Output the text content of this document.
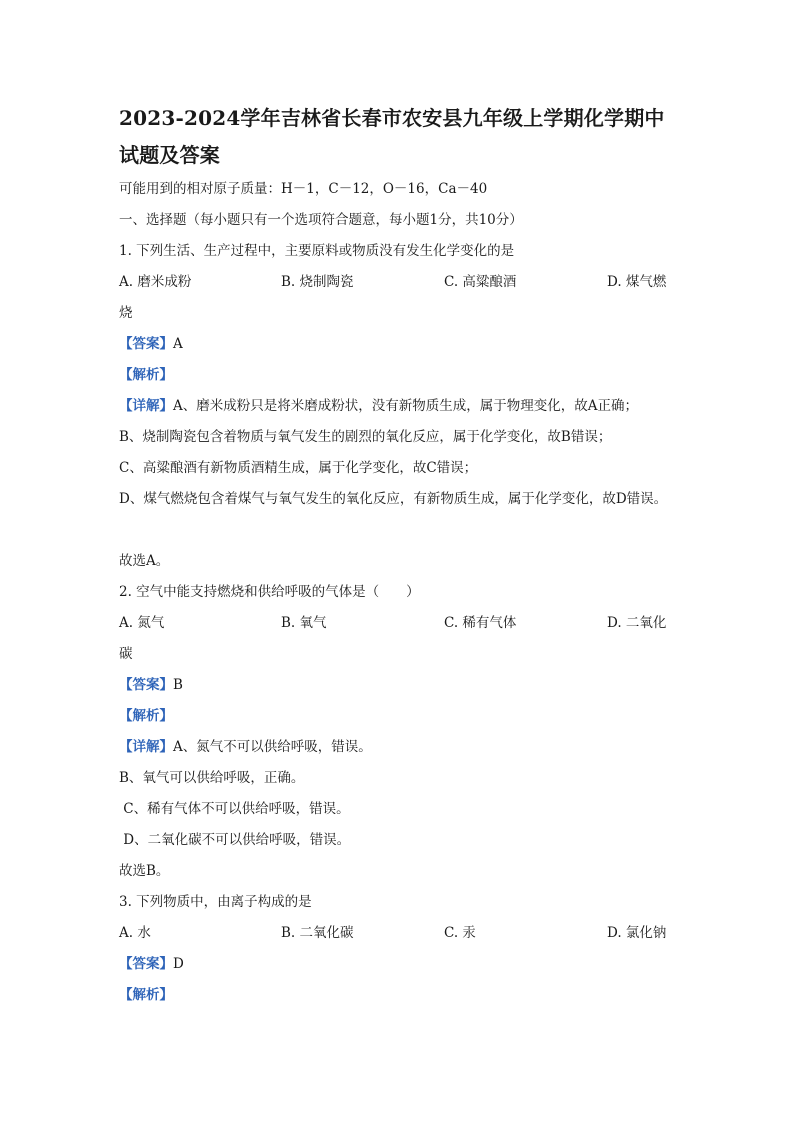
2023-2024学年吉林省长春市农安县九年级上学期化学期中
试题及答案
可能用到的相对原子质量：H－1，C－12，O－16，Ca－40
一、选择题（每小题只有一个选项符合题意，每小题1分，共10分）
1. 下列生活、生产过程中，主要原料或物质没有发生化学变化的是
A. 磨米成粉	B. 烧制陶瓷	C. 高粱酿酒	D. 煤气燃
烧
【答案】A
【解析】
【详解】A、磨米成粉只是将米磨成粉状，没有新物质生成，属于物理变化，故A正确；
B、烧制陶瓷包含着物质与氧气发生的剧烈的氧化反应，属于化学变化，故B错误；
C、高粱酿酒有新物质酒精生成，属于化学变化，故C错误；
D、煤气燃烧包含着煤气与氧气发生的氧化反应，有新物质生成，属于化学变化，故D错误。
故选A。
2. 空气中能支持燃烧和供给呼吸的气体是（　　）
A. 氮气	B. 氧气	C. 稀有气体	D. 二氧化
碳
【答案】B
【解析】
【详解】A、氮气不可以供给呼吸，错误。
B、氧气可以供给呼吸，正确。
C、稀有气体不可以供给呼吸，错误。
D、二氧化碳不可以供给呼吸，错误。
故选B。
3. 下列物质中，由离子构成的是
A. 水	B. 二氧化碳	C. 汞	D. 氯化钠
【答案】D
【解析】
